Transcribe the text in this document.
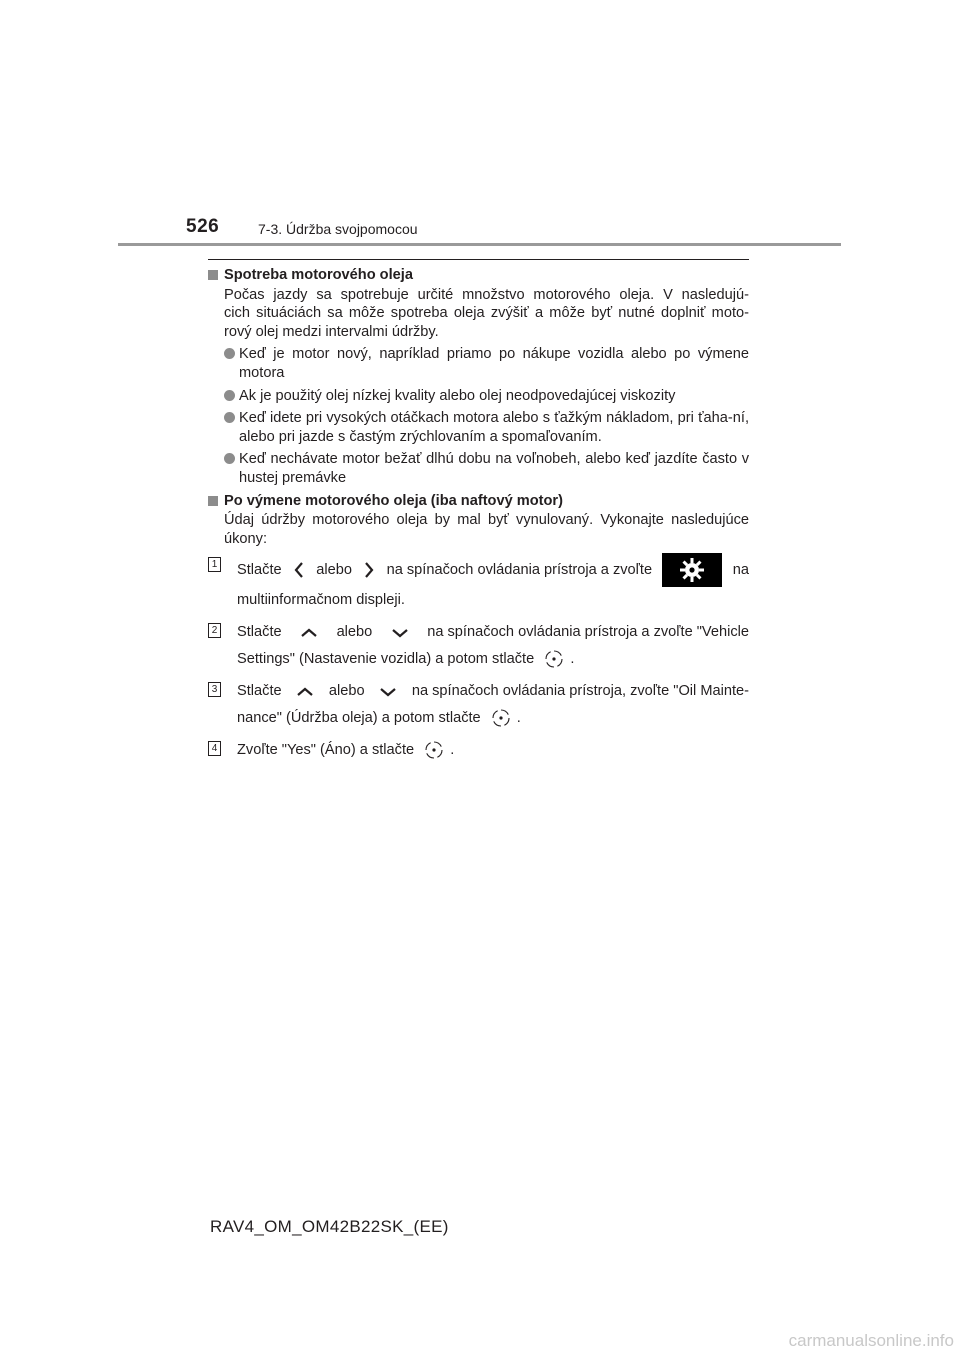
526	7-3. Údržba svojpomocou
Spotreba motorového oleja
Počas jazdy sa spotrebuje určité množstvo motorového oleja. V nasledujú-
cich situáciách sa môže spotreba oleja zvýšiť a môže byť nutné doplniť moto-
rový olej medzi intervalmi údržby.
Keď je motor nový, napríklad priamo po nákupe vozidla alebo po výmene motora
Ak je použitý olej nízkej kvality alebo olej neodpovedajúcej viskozity
Keď idete pri vysokých otáčkach motora alebo s ťažkým nákladom, pri ťaha-ní, alebo pri jazde s častým zrýchlovaním a spomaľovaním.
Keď nechávate motor bežať dlhú dobu na voľnobeh, alebo keď jazdíte často v hustej premávke
Po výmene motorového oleja (iba naftový motor)
Údaj údržby motorového oleja by mal byť vynulovaný. Vykonajte nasledujúce úkony:
1 Stlačte alebo na spínačoch ovládania prístroja a zvoľte	na
multiinformačnom displeji.
2 Stlačte	alebo	na spínačoch ovládania prístroja a zvoľte "Vehicle
Settings" (Nastavenie vozidla) a potom stlačte .
3 Stlačte	alebo	na spínačoch ovládania prístroja, zvoľte "Oil Mainte-
nance" (Údržba oleja) a potom stlačte .
4 Zvoľte "Yes" (Áno) a stlačte .
RAV4_OM_OM42B22SK_(EE)
carmanualsonline.info
